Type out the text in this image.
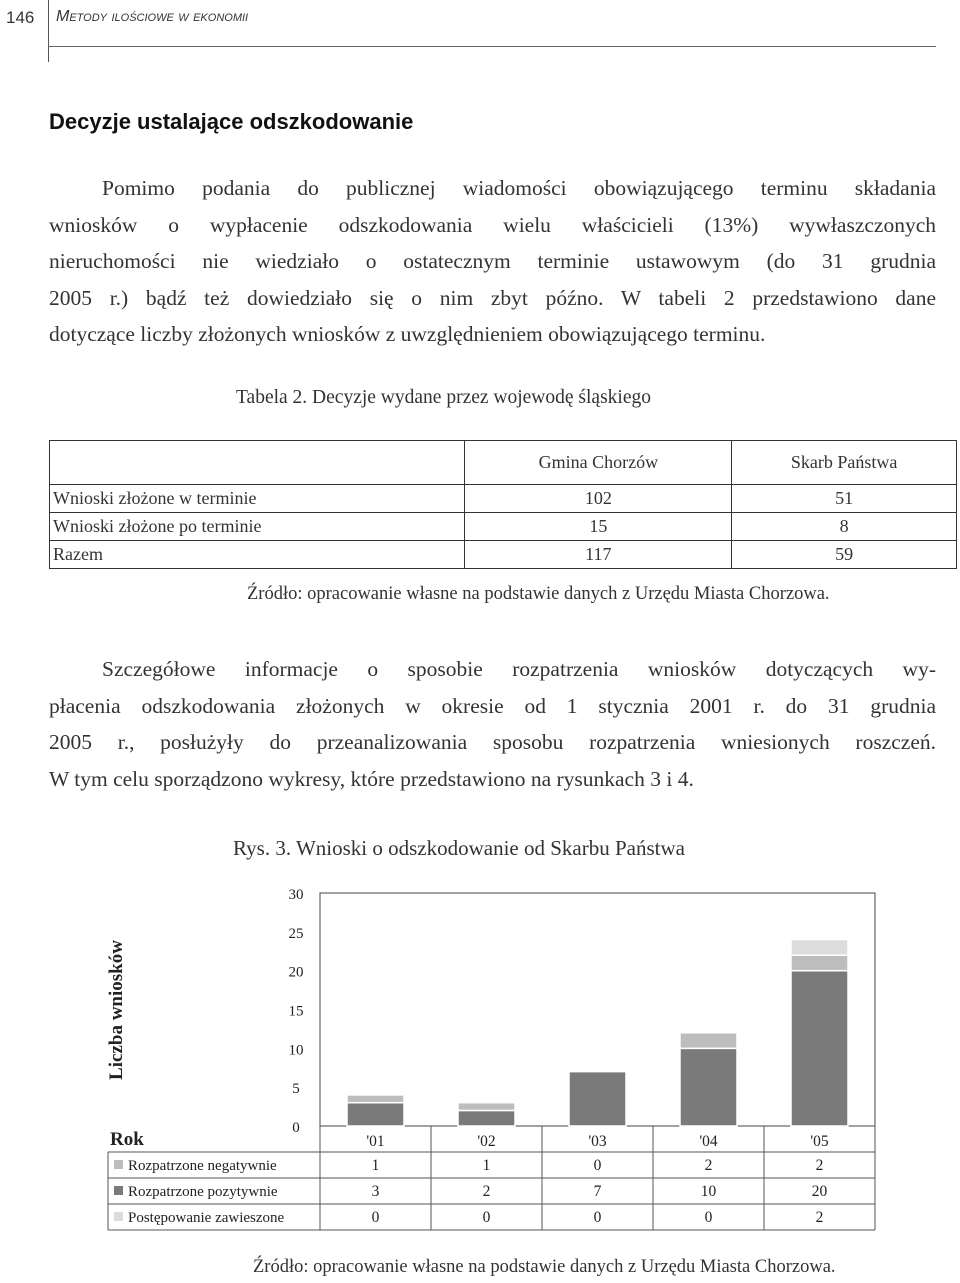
146 Metody ilościowe w ekonomii
Decyzje ustalające odszkodowanie
Pomimo podania do publicznej wiadomości obowiązującego terminu składania
wniosków o wypłacenie odszkodowania wielu właścicieli (13%) wywłaszczonych
nieruchomości nie wiedziało o ostatecznym terminie ustawowym (do 31 grudnia
2005 r.) bądź też dowiedziało się o nim zbyt późno. W tabeli 2 przedstawiono dane
dotyczące liczby złożonych wniosków z uwzględnieniem obowiązującego terminu.
Tabela 2. Decyzje wydane przez wojewodę śląskiego
	Gmina Chorzów	Skarb Państwa
Wnioski złożone w terminie	102	51
Wnioski złożone po terminie	15	8
Razem	117	59
Źródło: opracowanie własne na podstawie danych z Urzędu Miasta Chorzowa.
Szczegółowe informacje o sposobie rozpatrzenia wniosków dotyczących wy-
płacenia odszkodowania złożonych w okresie od 1 stycznia 2001 r. do 31 grudnia
2005 r., posłużyły do przeanalizowania sposobu rozpatrzenia wniesionych roszczeń.
W tym celu sporządzono wykresy, które przedstawiono na rysunkach 3 i 4.
Rys. 3. Wnioski o odszkodowanie od Skarbu Państwa
0
5
10
15
20
25
30
Liczba wniosków
Rok	'01	'02	'03	'04	'05
Rozpatrzone negatywnie	1	1	0	2	2
Rozpatrzone pozytywnie	3	2	7	10	20
Postępowanie zawieszone	0	0	0	0	2
Źródło: opracowanie własne na podstawie danych z Urzędu Miasta Chorzowa.
